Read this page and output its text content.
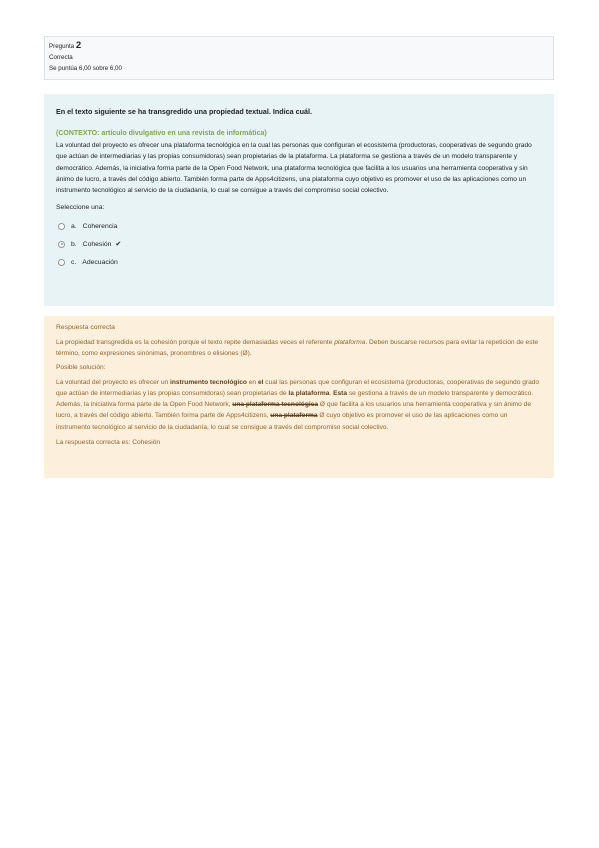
Pregunta 2
Correcta
Se puntúa 6,00 sobre 6,00
En el texto siguiente se ha transgredido una propiedad textual. Indica cuál.
(CONTEXTO: artículo divulgativo en una revista de informática)
La voluntad del proyecto es ofrecer una plataforma tecnológica en la cual las personas que configuran el ecosistema (productoras, cooperativas de segundo grado que actúan de intermediarias y las propias consumidoras) sean propietarias de la plataforma. La plataforma se gestiona a través de un modelo transparente y democrático. Además, la iniciativa forma parte de la Open Food Network, una plataforma tecnológica que facilita a los usuarios una herramienta cooperativa y sin ánimo de lucro, a través del código abierto. También forma parte de Apps4citizens, una plataforma cuyo objetivo es promover el uso de las aplicaciones como un instrumento tecnológico al servicio de la ciudadanía, lo cual se consigue a través del compromiso social colectivo.
Seleccione una:
a. Coherencia
b. Cohesión ✔
c. Adecuación
Respuesta correcta
La propiedad transgredida es la cohesión porque el texto repite demasiadas veces el referente plataforma. Deben buscarse recursos para evitar la repetición de este término, como expresiones sinónimas, pronombres o elisiones (Ø).
Posible solución:
La voluntad del proyecto es ofrecer un instrumento tecnológico en el cual las personas que configuran el ecosistema (productoras, cooperativas de segundo grado que actúan de intermediarias y las propias consumidoras) sean propietarias de la plataforma. Esta se gestiona a través de un modelo transparente y democrático. Además, la iniciativa forma parte de la Open Food Network, una plataforma tecnológica Ø que facilita a los usuarios una herramienta cooperativa y sin ánimo de lucro, a través del código abierto. También forma parte de Apps4citizens, una plataforma Ø cuyo objetivo es promover el uso de las aplicaciones como un instrumento tecnológico al servicio de la ciudadanía, lo cual se consigue a través del compromiso social colectivo.
La respuesta correcta es: Cohesión
